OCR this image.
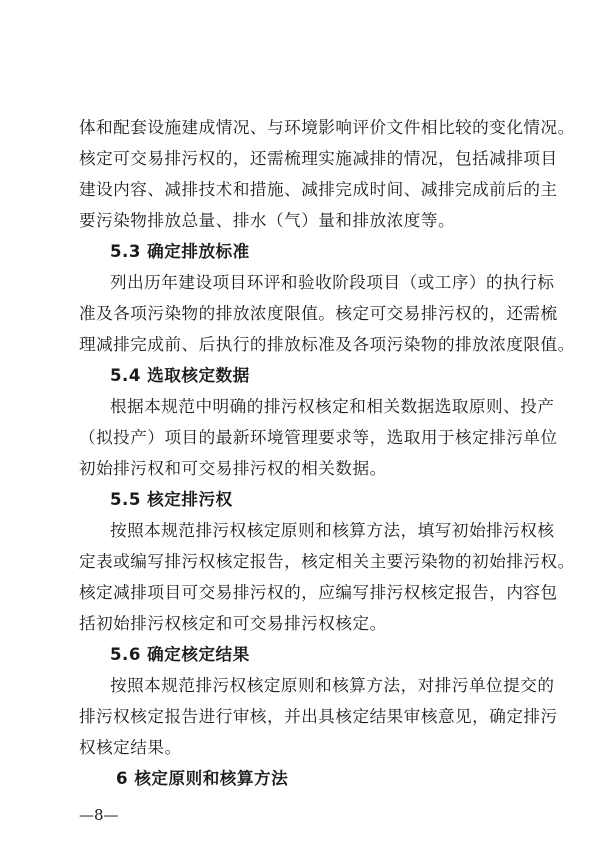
体和配套设施建成情况、与环境影响评价文件相比较的变化情况。
核定可交易排污权的，还需梳理实施减排的情况，包括减排项目
建设内容、减排技术和措施、减排完成时间、减排完成前后的主
要污染物排放总量、排水（气）量和排放浓度等。
5.3 确定排放标准
列出历年建设项目环评和验收阶段项目（或工序）的执行标
准及各项污染物的排放浓度限值。核定可交易排污权的，还需梳
理减排完成前、后执行的排放标准及各项污染物的排放浓度限值。
5.4 选取核定数据
根据本规范中明确的排污权核定和相关数据选取原则、投产
（拟投产）项目的最新环境管理要求等，选取用于核定排污单位
初始排污权和可交易排污权的相关数据。
5.5 核定排污权
按照本规范排污权核定原则和核算方法，填写初始排污权核
定表或编写排污权核定报告，核定相关主要污染物的初始排污权。
核定减排项目可交易排污权的，应编写排污权核定报告，内容包
括初始排污权核定和可交易排污权核定。
5.6 确定核定结果
按照本规范排污权核定原则和核算方法，对排污单位提交的
排污权核定报告进行审核，并出具核定结果审核意见，确定排污
权核定结果。
6 核定原则和核算方法
—8—
